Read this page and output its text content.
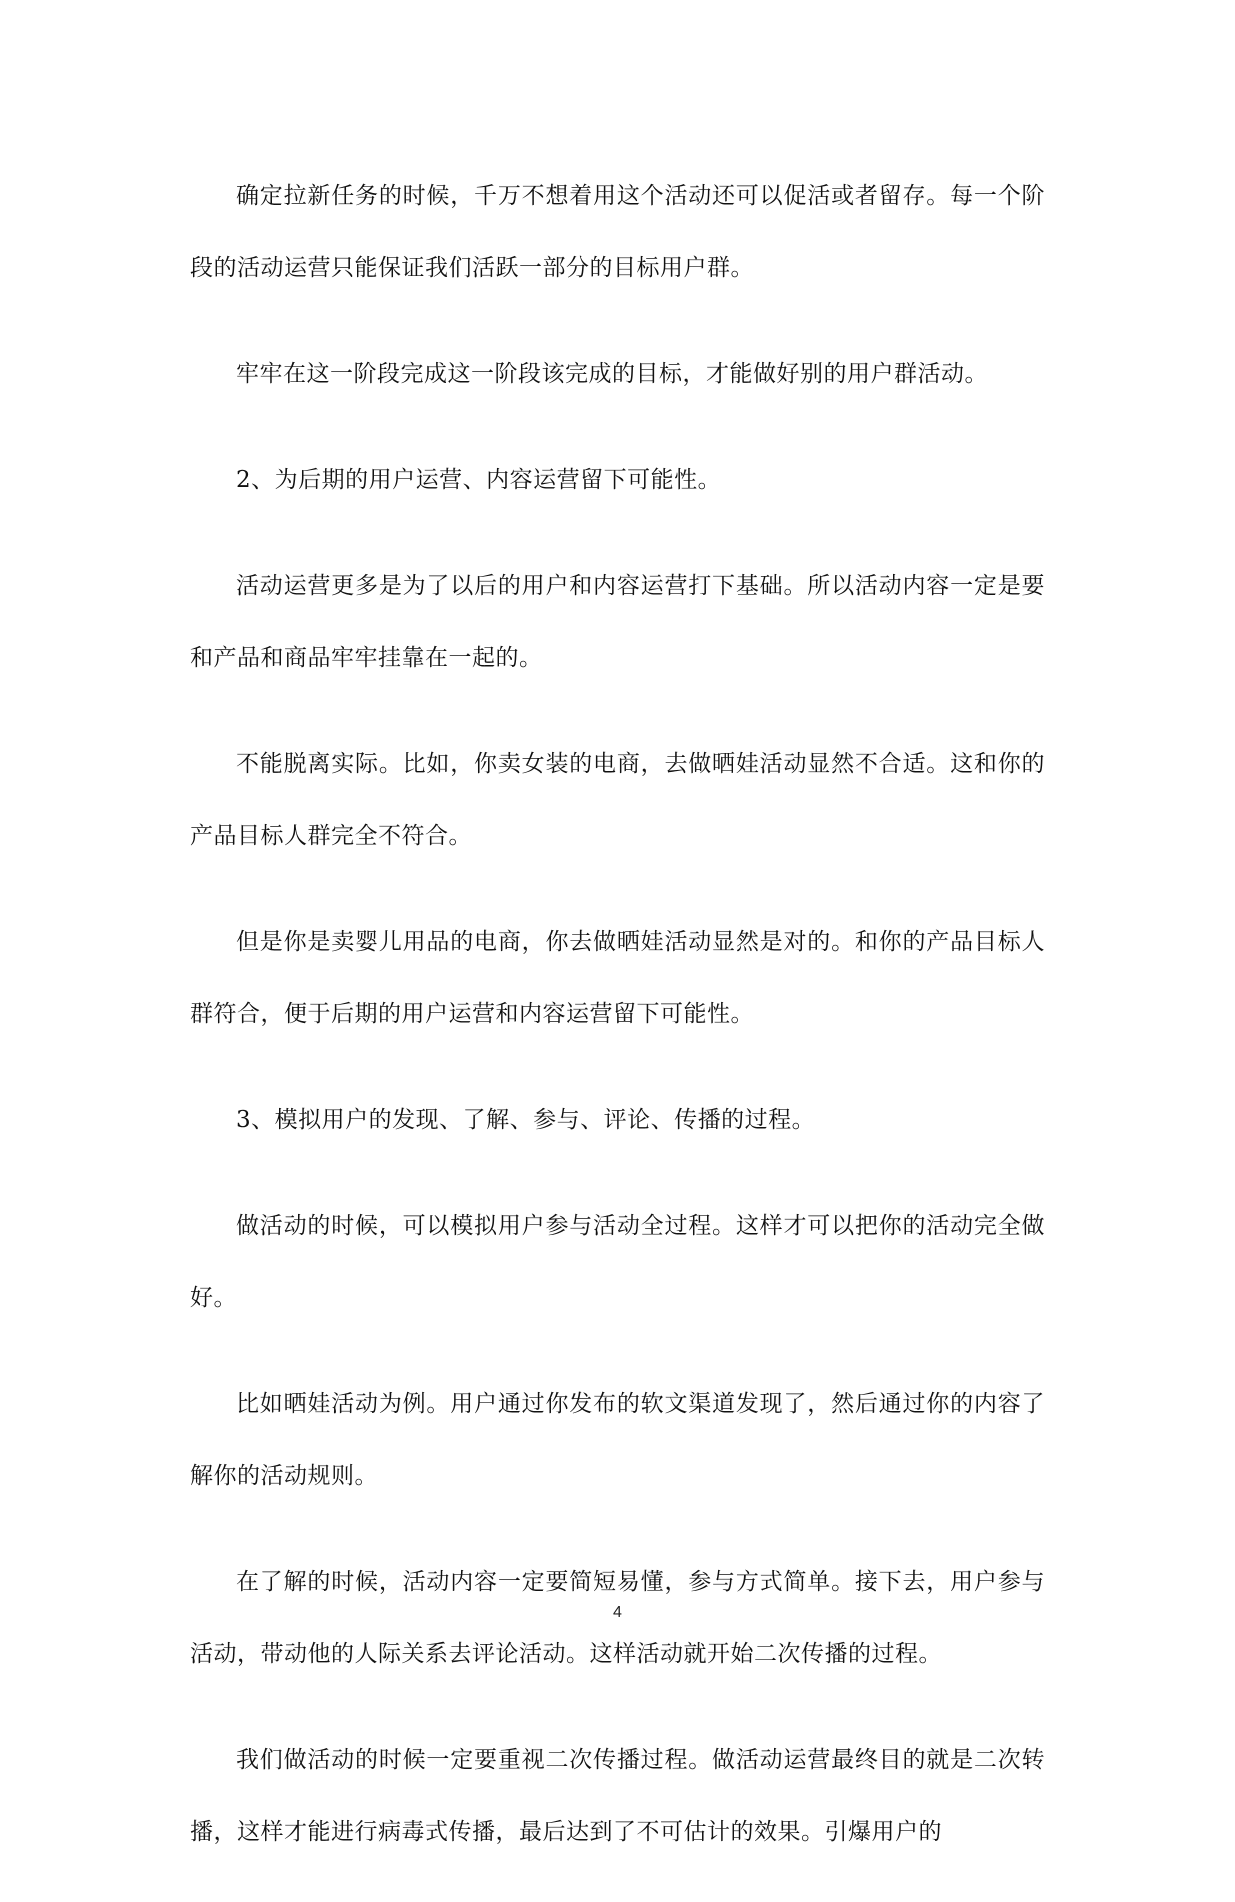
确定拉新任务的时候，千万不想着用这个活动还可以促活或者留存。每一个阶段的活动运营只能保证我们活跃一部分的目标用户群。

牢牢在这一阶段完成这一阶段该完成的目标，才能做好别的用户群活动。

2、为后期的用户运营、内容运营留下可能性。

活动运营更多是为了以后的用户和内容运营打下基础。所以活动内容一定是要和产品和商品牢牢挂靠在一起的。

不能脱离实际。比如，你卖女装的电商，去做晒娃活动显然不合适。这和你的产品目标人群完全不符合。

但是你是卖婴儿用品的电商，你去做晒娃活动显然是对的。和你的产品目标人群符合，便于后期的用户运营和内容运营留下可能性。

3、模拟用户的发现、了解、参与、评论、传播的过程。

做活动的时候，可以模拟用户参与活动全过程。这样才可以把你的活动完全做好。

比如晒娃活动为例。用户通过你发布的软文渠道发现了，然后通过你的内容了解你的活动规则。

在了解的时候，活动内容一定要简短易懂，参与方式简单。接下去，用户参与活动，带动他的人际关系去评论活动。这样活动就开始二次传播的过程。

我们做活动的时候一定要重视二次传播过程。做活动运营最终目的就是二次转播，这样才能进行病毒式传播，最后达到了不可估计的效果。引爆用户的

4
